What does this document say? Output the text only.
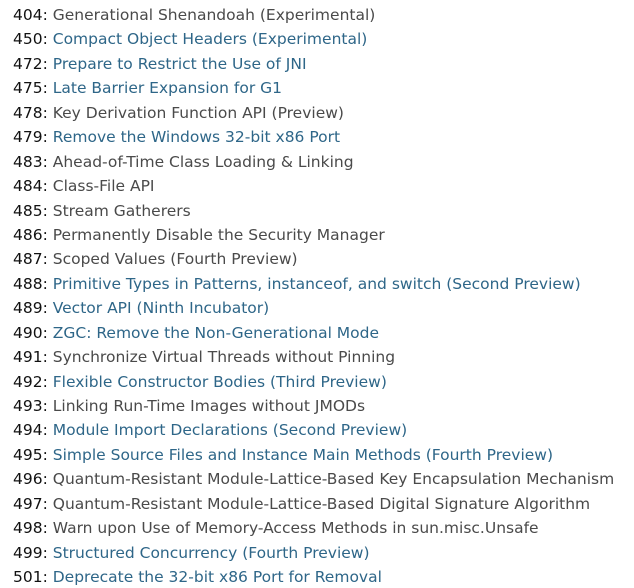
404: Generational Shenandoah (Experimental)
450: Compact Object Headers (Experimental)
472: Prepare to Restrict the Use of JNI
475: Late Barrier Expansion for G1
478: Key Derivation Function API (Preview)
479: Remove the Windows 32-bit x86 Port
483: Ahead-of-Time Class Loading & Linking
484: Class-File API
485: Stream Gatherers
486: Permanently Disable the Security Manager
487: Scoped Values (Fourth Preview)
488: Primitive Types in Patterns, instanceof, and switch (Second Preview)
489: Vector API (Ninth Incubator)
490: ZGC: Remove the Non-Generational Mode
491: Synchronize Virtual Threads without Pinning
492: Flexible Constructor Bodies (Third Preview)
493: Linking Run-Time Images without JMODs
494: Module Import Declarations (Second Preview)
495: Simple Source Files and Instance Main Methods (Fourth Preview)
496: Quantum-Resistant Module-Lattice-Based Key Encapsulation Mechanism
497: Quantum-Resistant Module-Lattice-Based Digital Signature Algorithm
498: Warn upon Use of Memory-Access Methods in sun.misc.Unsafe
499: Structured Concurrency (Fourth Preview)
501: Deprecate the 32-bit x86 Port for Removal
